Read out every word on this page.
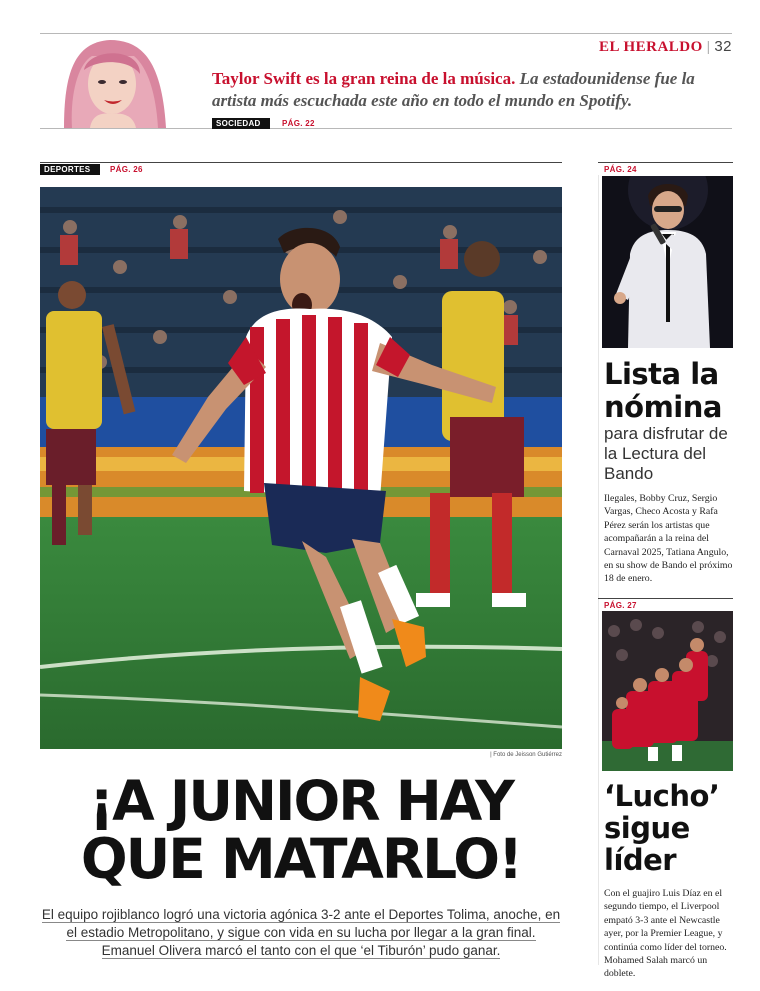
EL HERALDO | 32
Taylor Swift es la gran reina de la música. La estadounidense fue la artista más escuchada este año en todo el mundo en Spotify.
SOCIEDAD	PÁG. 22
DEPORTES	PÁG. 26
| Foto de Jeisson Gutiérrez
¡A JUNIOR HAY
QUE MATARLO!
El equipo rojiblanco logró una victoria agónica 3-2 ante el Deportes Tolima, anoche, en el estadio Metropolitano, y sigue con vida en su lucha por llegar a la gran final. Emanuel Olivera marcó el tanto con el que ‘el Tiburón’ pudo ganar.
PÁG. 24
Lista la nómina
para disfrutar de la Lectura del Bando
Ilegales, Bobby Cruz, Sergio Vargas, Checo Acosta y Rafa Pérez serán los artistas que acompañarán a la reina del Carnaval 2025, Tatiana Angulo, en su show de Bando el próximo 18 de enero.
PÁG. 27
‘Lucho’ sigue líder
Con el guajiro Luis Díaz en el segundo tiempo, el Liverpool empató 3-3 ante el Newcastle ayer, por la Premier League, y continúa como líder del torneo. Mohamed Salah marcó un doblete.
